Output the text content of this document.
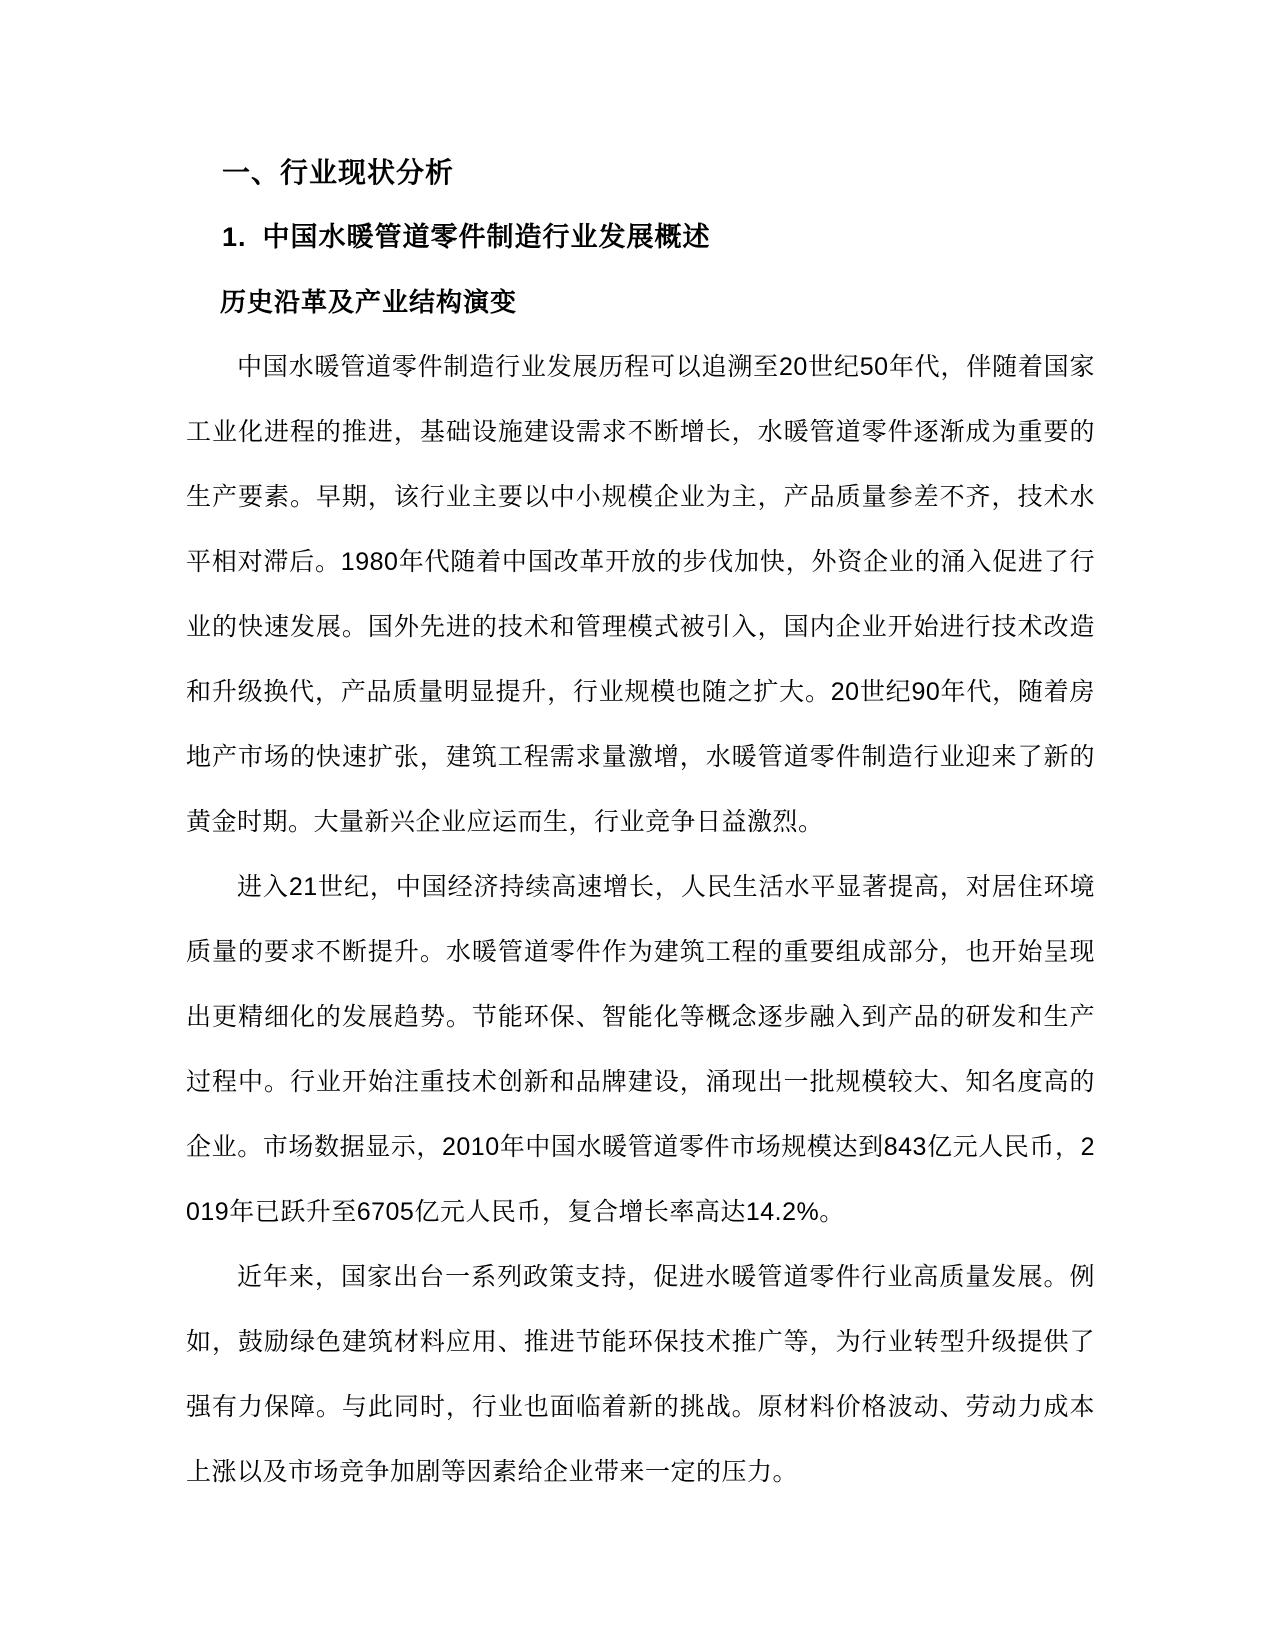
一、行业现状分析
1. 中国水暖管道零件制造行业发展概述
历史沿革及产业结构演变

中国水暖管道零件制造行业发展历程可以追溯至20世纪50年代，伴随着国家工业化进程的推进，基础设施建设需求不断增长，水暖管道零件逐渐成为重要的生产要素。早期，该行业主要以中小规模企业为主，产品质量参差不齐，技术水平相对滞后。1980年代随着中国改革开放的步伐加快，外资企业的涌入促进了行业的快速发展。国外先进的技术和管理模式被引入，国内企业开始进行技术改造和升级换代，产品质量明显提升，行业规模也随之扩大。20世纪90年代，随着房地产市场的快速扩张，建筑工程需求量激增，水暖管道零件制造行业迎来了新的黄金时期。大量新兴企业应运而生，行业竞争日益激烈。

进入21世纪，中国经济持续高速增长，人民生活水平显著提高，对居住环境质量的要求不断提升。水暖管道零件作为建筑工程的重要组成部分，也开始呈现出更精细化的发展趋势。节能环保、智能化等概念逐步融入到产品的研发和生产过程中。行业开始注重技术创新和品牌建设，涌现出一批规模较大、知名度高的企业。市场数据显示，2010年中国水暖管道零件市场规模达到843亿元人民币，2019年已跃升至6705亿元人民币，复合增长率高达14.2%。

近年来，国家出台一系列政策支持，促进水暖管道零件行业高质量发展。例如，鼓励绿色建筑材料应用、推进节能环保技术推广等，为行业转型升级提供了强有力保障。与此同时，行业也面临着新的挑战。原材料价格波动、劳动力成本上涨以及市场竞争加剧等因素给企业带来一定的压力。
